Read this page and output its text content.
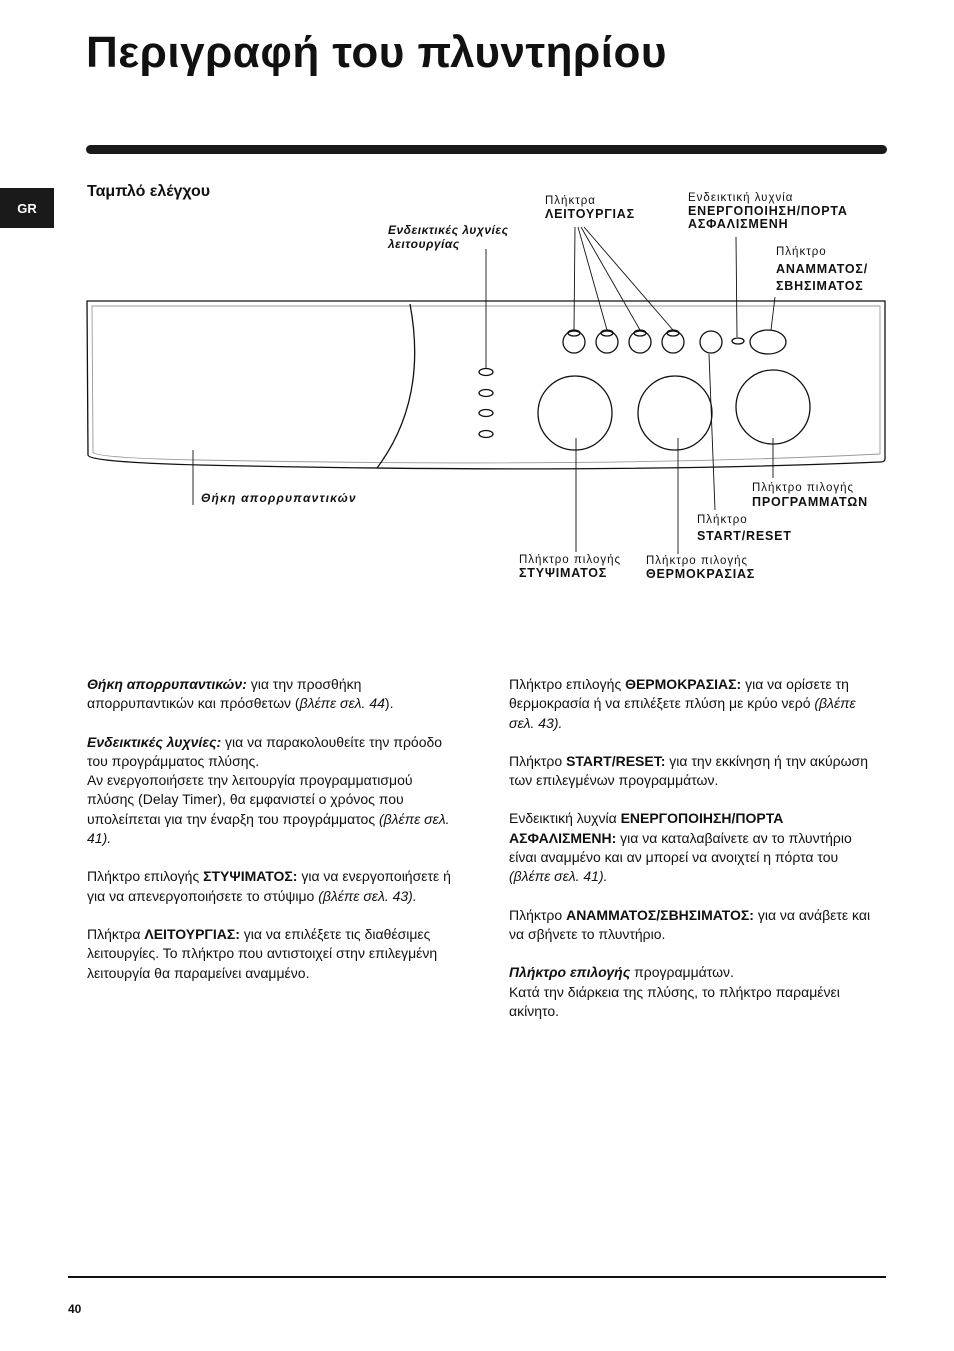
Περιγραφή του πλυντηρίου
GR
Ταμπλό ελέγχου
Πλήκτρα
ΛΕΙΤΟΥΡΓΙΑΣ
Ενδεικτική λυχνία
ΕΝΕΡΓΟΠΟΙΗΣΗ/ΠΟΡΤΑ
ΑΣΦΑΛΙΣΜΕΝΗ
Πλήκτρο
ΑΝΑΜΜΑΤΟΣ/
ΣΒΗΣΙΜΑΤΟΣ
Ενδεικτικές λυχνίες
λειτουργίας
Θήκη απορρυπαντικών
Πλήκτρο πιλογής
ΠΡΟΓΡΑΜΜΑΤΩΝ
Πλήκτρο
START/RESET
Πλήκτρο πιλογής
ΣΤΥΨΙΜΑΤΟΣ
Πλήκτρο πιλογής
ΘΕΡΜΟΚΡΑΣΙΑΣ

Θήκη απορρυπαντικών: για την προσθήκη απορρυπαντικών και πρόσθετων (βλέπε σελ. 44).

Ενδεικτικές λυχνίες: για να παρακολουθείτε την πρόοδο του προγράμματος πλύσης.
Αν ενεργοποιήσετε την λειτουργία προγραμματισμού πλύσης (Delay Timer), θα εμφανιστεί ο χρόνος που υπολείπεται για την έναρξη του προγράμματος (βλέπε σελ. 41).

Πλήκτρο επιλογής ΣΤΥΨΙΜΑΤΟΣ: για να ενεργοποιήσετε ή για να απενεργοποιήσετε το στύψιμο (βλέπε σελ. 43).

Πλήκτρα ΛΕΙΤΟΥΡΓΙΑΣ: για να επιλέξετε τις διαθέσιμες λειτουργίες. Το πλήκτρο που αντιστοιχεί στην επιλεγμένη λειτουργία θα παραμείνει αναμμένο.

Πλήκτρο επιλογής ΘΕΡΜΟΚΡΑΣΙΑΣ: για να ορίσετε τη θερμοκρασία ή να επιλέξετε πλύση με κρύο νερό (βλέπε σελ. 43).

Πλήκτρο START/RESET: για την εκκίνηση ή την ακύρωση των επιλεγμένων προγραμμάτων.

Ενδεικτική λυχνία ΕΝΕΡΓΟΠΟΙΗΣΗ/ΠΟΡΤΑ ΑΣΦΑΛΙΣΜΕΝΗ: για να καταλαβαίνετε αν το πλυντήριο είναι αναμμένο και αν μπορεί να ανοιχτεί η πόρτα του (βλέπε σελ. 41).

Πλήκτρο ΑΝΑΜΜΑΤΟΣ/ΣΒΗΣΙΜΑΤΟΣ: για να ανάβετε και να σβήνετε το πλυντήριο.

Πλήκτρο επιλογής προγραμμάτων.
Κατά την διάρκεια της πλύσης, το πλήκτρο παραμένει ακίνητο.

40
